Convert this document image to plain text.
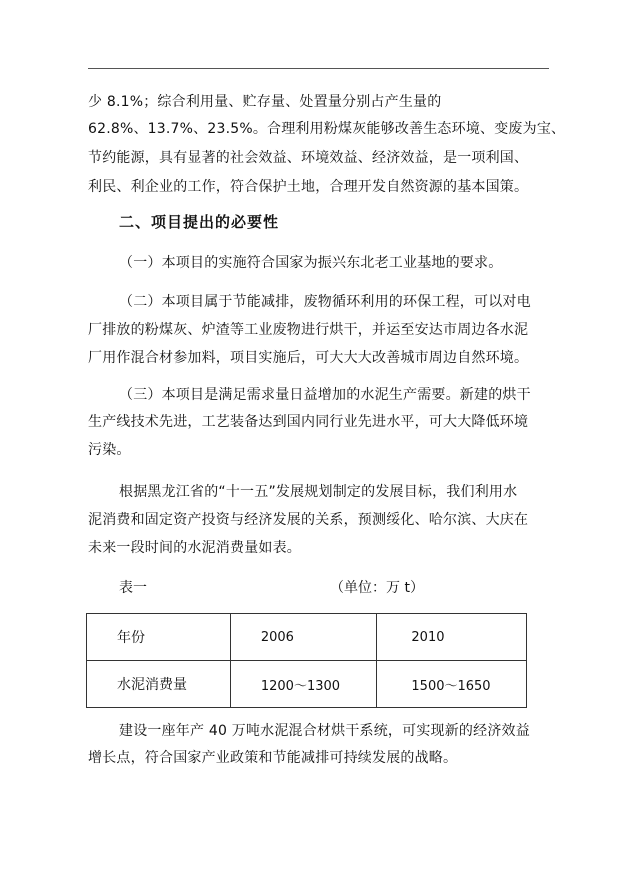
少 8.1%；综合利用量、贮存量、处置量分别占产生量的
62.8%、13.7%、23.5%。合理利用粉煤灰能够改善生态环境、变废为宝、
节约能源，具有显著的社会效益、环境效益、经济效益，是一项利国、
利民、利企业的工作，符合保护土地，合理开发自然资源的基本国策。
二、项目提出的必要性
（一）本项目的实施符合国家为振兴东北老工业基地的要求。
（二）本项目属于节能减排，废物循环利用的环保工程，可以对电
厂排放的粉煤灰、炉渣等工业废物进行烘干，并运至安达市周边各水泥
厂用作混合材参加料，项目实施后，可大大大改善城市周边自然环境。
（三）本项目是满足需求量日益增加的水泥生产需要。新建的烘干
生产线技术先进，工艺装备达到国内同行业先进水平，可大大降低环境
污染。
根据黑龙江省的“十一五”发展规划制定的发展目标，我们利用水
泥消费和固定资产投资与经济发展的关系，预测绥化、哈尔滨、大庆在
未来一段时间的水泥消费量如表。
表一	（单位：万 t）
年份	2006	2010
水泥消费量	1200～1300	1500～1650
建设一座年产 40 万吨水泥混合材烘干系统，可实现新的经济效益
增长点，符合国家产业政策和节能减排可持续发展的战略。
